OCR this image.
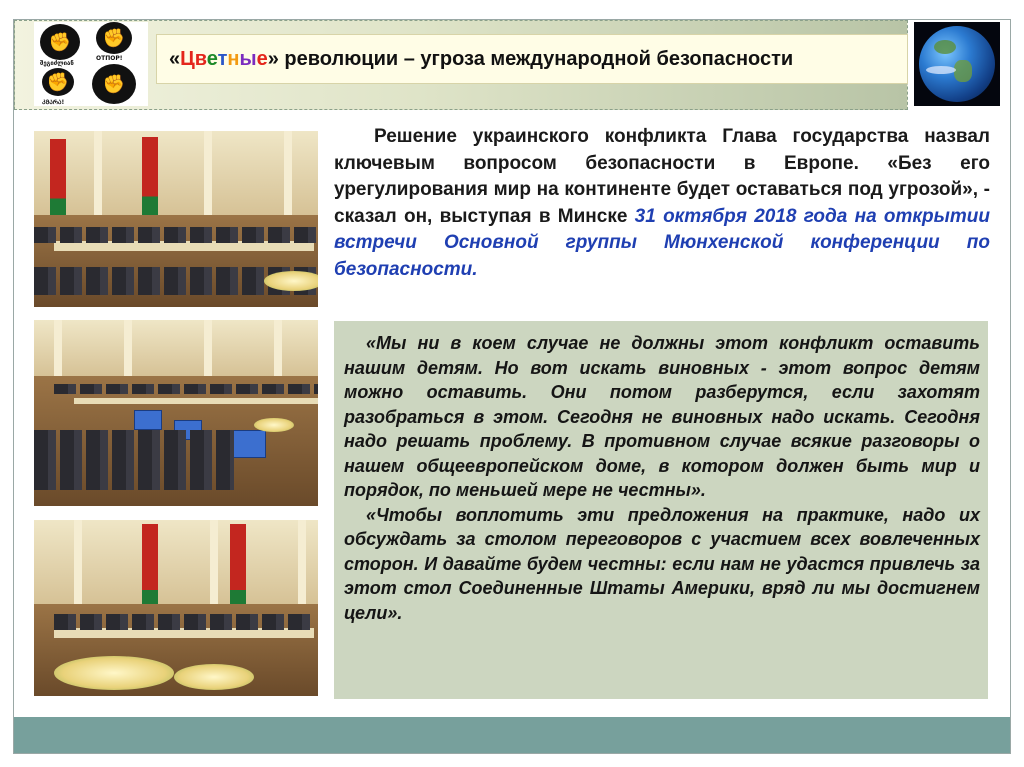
✊
შეგიძლიან
✊
ОТПОР!
✊
ᲙᲛᲐᲠᲐ!
✊
«Цветные» революции – угроза международной безопасности

Решение украинского конфликта Глава государства назвал ключевым вопросом безопасности в Европе. «Без его урегулирования мир на континенте будет оставаться под угрозой», - сказал он, выступая в Минске 31 октября 2018 года на открытии встречи Основной группы Мюнхенской конференции по безопасности.

«Мы ни в коем случае не должны этот конфликт оставить нашим детям. Но вот искать виновных - этот вопрос детям можно оставить. Они потом разберутся, если захотят разобраться в этом. Сегодня не виновных надо искать. Сегодня надо решать проблему. В противном случае всякие разговоры о нашем общеевропейском доме, в котором должен быть мир и порядок, по меньшей мере не честны».

«Чтобы воплотить эти предложения на практике, надо их обсуждать за столом переговоров с участием всех вовлеченных сторон. И давайте будем честны: если нам не удастся привлечь за этот стол Соединенные Штаты Америки, вряд ли мы достигнем цели».
